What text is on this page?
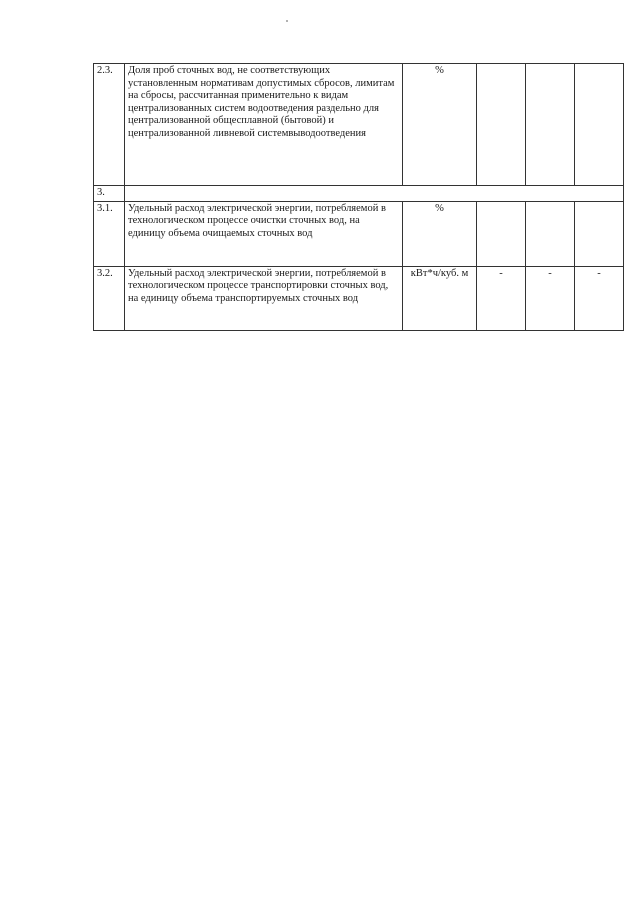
2.3.	Доля проб сточных вод, не соответствующих установленным нормативам допустимых сбросов, лимитам на сбросы, рассчитанная применительно к видам централизованных систем водоотведения раздельно для централизованной общесплавной (бытовой) и централизованной ливневой системвыводоотведения	%			
3.					
3.1.	Удельный расход электрической энергии, потребляемой в технологическом процессе очистки сточных вод, на единицу объема очищаемых сточных вод	%			
3.2.	Удельный расход электрической энергии, потребляемой в технологическом процессе транспортировки сточных вод, на единицу объема транспортируемых сточных вод	кВт*ч/куб. м	-	-	-
